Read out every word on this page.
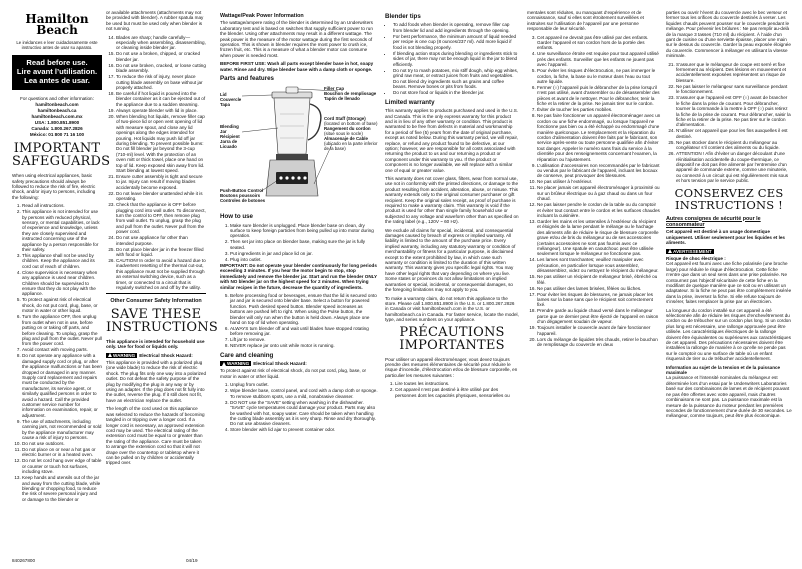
Hamilton
Beach
Le inédances e leer cuidadosamente este instructivo antes de usar su aparato.
Read before use.
Lire avant l’utilisation.
Lea antes de usar.
For questions and other information:
hamiltonbeach.com
hamiltonbeach.ca
hamiltonbeach.com.mx
USA: 1.800.851.8900
Canada: 1.800.267.2826
México: 01 800 71 16 100
IMPORTANT
SAFEGUARDS
When using electrical appliances, basic safety precautions should always be followed to reduce the risk of fire, electric shock, and/or injury to persons, including the following:
1. Read all instructions.
2. This appliance is not intended for use by persons with reduced physical, sensory, or mental capabilities, or lack of experience and knowledge, unless they are closely supervised and instructed concerning use of the appliance by a person responsible for their safety.
3. This appliance shall not be used by children. Keep the appliance and its cord out of reach of children.
4. Close supervision is necessary when any appliance is used near children. Children should be supervised to ensure that they do not play with the appliance.
5. To protect against risk of electrical shock, do not put cord, plug, base, or motor in water or other liquid.
6. Turn the appliance OFF, then unplug from outlet when not in use, before putting on or taking off parts, and before cleaning. To unplug, grasp the plug and pull from the outlet. Never pull from the power cord.
7. Avoid contact with moving parts.
8. Do not operate any appliance with a damaged supply cord or plug, or after the appliance malfunctions or has been dropped or damaged in any manner. Supply cord replacement and repairs must be conducted by the manufacturer, its service agent, or similarly qualified persons in order to avoid a hazard. Call the provided customer service number for information on examination, repair, or adjustment.
9. The use of attachments, including canning jars, not recommended or sold by the appliance manufacturer may cause a risk of injury to persons.
10. Do not use outdoors.
11. Do not place on or near a hot gas or electric burner or in a heated oven.
12. Do not let cord hang over edge of table or counter or touch hot surfaces, including stove.
13. Keep hands and utensils out of the jar and away from the cutting blade, while blending or chopping food, to reduce the risk of severe personal injury and or damage to the blender or
or available attachments (attachments may not be provided with blender). A rubber spatula may be used but must be used only when blender is not running.
14. Blades are sharp; handle carefully—especially when assembling, disassembling, or cleaning inside blender jar.
15. Do not use a broken, chipped, or cracked blender jar.
16. Do not use broken, cracked, or loose cutting blade assembly.
17. To reduce the risk of injury, never place cutting blade assembly on base without jar properly attached.
18. Be careful if hot liquid is poured into the blender container as it can be ejected out of the appliance due to a sudden steaming.
19. Always operate blender with lid in place.
20. When blending hot liquids, remove filler cap of two-piece lid or open vent opening of lid with measure spout, and close any lid openings along the edges intended for pouring. Hot liquids may push lid off jar during blending. To prevent possible burns: Do not fill blender jar beyond the 3-cup (710-ml) level. With the protection of an oven mitt or thick towel, place one hand on top of lid. Keep exposed skin away from lid. Start blending at lowest speed.
21. Ensure cutter assembly is tight and secure to jar. Injury can result if moving blades accidentally become exposed.
22. Do not leave blender unattended while it is operating.
23. Check that the appliance is OFF before plugging cord into wall outlet. To disconnect, turn the control to OFF, then remove plug from wall outlet. To unplug, grasp the plug and pull from the outlet. Never pull from the power cord.
24. Do not use appliance for other than intended purpose.
25. Do not place blender jar in the freezer filled with food or liquid.
26. CAUTION! In order to avoid a hazard due to inadvertent resetting of the thermal cut-out, this appliance must not be supplied through an external switching device, such as a timer, or connected to a circuit that is regularly switched on and off by the utility.
Other Consumer Safety Information
SAVE THESE
INSTRUCTIONS
This appliance is intended for household use only. Use for food or liquids only.
WARNING Electrical Shock Hazard:
This appliance is provided with a polarized plug (one wide blade) to reduce the risk of electric shock. The plug fits only one way into a polarized outlet. Do not defeat the safety purpose of the plug by modifying the plug in any way or by using an adapter. If the plug does not fit fully into the outlet, reverse the plug. If it still does not fit, have an electrician replace the outlet.
The length of the cord used on this appliance was selected to reduce the hazards of becoming tangled in or tripping over a longer cord. If a longer cord is necessary, an approved extension cord may be used. The electrical rating of the extension cord must be equal to or greater than the rating of the appliance. Care must be taken to arrange the extension cord so that it will not drape over the countertop or tabletop where it can be pulled on by children or accidentally tripped over.
Wattage/Peak Power Information
The wattage/ampere rating of the blender is determined by an Underwriters Laboratory test and is based on switches that supply sufficient power to run the blender. Using other attachments may result in a different wattage. The peak power is the measure of the motor wattage during the first seconds of operation. This is shown in blender requires the most power to crush ice, frozen fruit, etc. This is a measure of what a blender motor can consume when power is needed most.
BEFORE FIRST USE: Wash all parts except blender base in hot, soapy water. Rinse and dry. Wipe blender base with a damp cloth or sponge.
Parts and features
Lid
Couvercle
Tapa
Filler Cap
Bouchon de remplissage
Tapón de llenado
Blending
Jar
Récipient
Jarra de
Licuado
Cord Staff (Storage)
(located on bottom of base)
Rangement du cordon
(situé sous le socle)
Almacenaje de Cable
(ubicado en la parte inferior de la base)
Push-Button Control
Boutons poussoirs
Controles de botones
How to use
1. Make sure blender is unplugged. Place blender base on clean, dry surface to keep foreign particles from being pulled up into motor during operation.
2. Then set jar into place on blender base, making sure the jar is fully seated.
3. Put ingredients in jar and place lid on jar.
4. Plug into outlet.
IMPORTANT: Do not operate your blender continuously for long periods exceeding 3 minutes. If you hear the motor begin to stop, stop immediately and remove the blender jar. Start and run the blender ONLY with NO blender jar on the highest speed for 2 minutes. When trying similar recipes in the future, decrease the quantity of ingredients.
5. Before processing food or beverages, ensure that the lid is secured onto jar and jar is secured onto blender base. Select a button for powered function. Push desired speed button. Blender speed increases as buttons are pushed left to right. When using the Pulse button, the blender will only run when the button is held down. Always place one hand on top of lid when operating.
6. ALWAYS turn blender off and wait until blades have stopped rotating before removing jar.
7. Lift jar to remove.
8. NEVER replace jar onto unit while motor is running.
Care and cleaning
WARNING Electrical Shock Hazard:
To protect against risk of electrical shock, do not put cord, plug, base, or motor in water or other liquid.
1. Unplug from outlet.
2. Wipe blender base, control panel, and cord with a damp cloth or sponge. To remove stubborn spots, use a mild, nonabrasive cleanser.
3. DO NOT use the "SAVE" setting when washing in the dishwasher. "SAVE" cycle temperatures could damage your product. Parts may also be washed with hot, soapy water. Care should be taken when handling the cutting blade assembly as it is very sharp. Rinse and dry thoroughly. Do not use abrasive cleaners.
4. Store blender with lid ajar to prevent container odor.
Blender tips
• To add foods when blender is operating, remove filler cap from blender lid and add ingredients through the opening.
• For best performance, the minimum amount of liquid needed per recipe is one cup (8 ounces/237 ml). Add more liquid if food is not blending properly.
• If blending action stops during blending or ingredients stick to sides of jar, there may not be enough liquid in the jar to blend efficiently.
• Do not try to mash potatoes, mix stiff dough, whip egg whites, grind raw meat, or extract juices from fruits and vegetables. Do not blend dry ingredients such as grains and coffee beans. Remove bones or pits from foods.
• Do not store food or liquids in the blender jar.
Limited warranty
This warranty applies to products purchased and used in the U.S. and Canada. This is the only express warranty for this product and is in lieu of any other warranty or condition. This product is warranted to be free from defects in material and workmanship for a period of five (5) years from the date of original purchase, except as noted below. During this warranty period, we will repair, replace, or refund any product found to be defective, at our option; however, we are responsible for all costs associated with returning the product to us and our returning a product or component under this warranty to you. If the product or component is no longer available, we will replace with a similar one of equal or greater value.
This warranty does not cover glass, filters, wear from normal use, use not in conformity with the printed directions, or damage to the product resulting from accident, alteration, abuse, or misuse. This warranty extends only to the original consumer purchaser or gift recipient. Keep the original sales receipt, as proof of purchase is required to make a warranty claim. This warranty is void if the product is used for other than single family household use or subjected to any voltage and waveform other than as specified on the rating label (e.g., 120V ~ 60 Hz).
We exclude all claims for special, incidental, and consequential damages caused by breach of express or implied warranty. All liability is limited to the amount of the purchase price. Every implied warranty, including any statutory warranty or condition of merchantability or fitness for a particular purpose, is disclaimed except to the extent prohibited by law, in which case such warranty or condition is limited to the duration of this written warranty. This warranty gives you specific legal rights. You may have other legal rights that vary depending on where you live. Some states or provinces do not allow limitations on implied warranties or special, incidental, or consequential damages, so the foregoing limitations may not apply to you.
To make a warranty claim, do not return this appliance to the store. Please call 1.800.851.8900 in the U.S. or 1.800.267.2826 in Canada or visit hamiltonbeach.com in the U.S. or hamiltonbeach.ca in Canada. For faster service, locate the model, type, and series numbers on your appliance.
PRÉCAUTIONS
IMPORTANTES
Pour utiliser un appareil électroménager, vous devez toujours prendre des mesures élémentaires de sécurité pour réduire le risque d’incendie, d’électrocution et/ou de blessure corporelle, en particulier les mesures suivantes :
1. Lire toutes les instructions.
2. Cet appareil n’est pas destiné à être utilisé par des personnes dont les capacités physiques, sensorielles ou
mentales sont réduites, ou manquant d’expérience et de connaissance, sauf si elles sont étroitement surveillées et instruites sur l’utilisation de l’appareil par une personne responsable de leur sécurité.
3. Cet appareil ne devrait pas être utilisé par des enfants. Garder l’appareil et son cordon hors de la portée des enfants.
4. Une surveillance étroite est requise pour tout appareil utilisé près des enfants. Surveiller que les enfants ne jouent pas avec l’appareil.
5. Pour éviter les risques d’électrocution, ne pas immerger le cordon, la fiche, la base ou le moteur dans l’eau ou tout autre liquide.
6. Fermer (○) l’appareil puis le débrancher de la prise lorsqu’il n’est pas utilisé, avant d’assembler ou de désassembler des pièces et avant de le nettoyer. Pour le débrancher, tenir la fiche et la retirer de la prise. Ne jamais tirer sur le cordon.
7. Éviter de toucher les parties mobiles.
8. Ne pas faire fonctionner un appareil électroménager avec un cordon ou une fiche endommagé, ou lorsque l’appareil ne fonctionne pas bien ou a été échappé ou endommagé d’une manière quelconque. Le remplacement et la réparation du cordon d’alimentation doivent être faits par le fabricant, son service après-vente ou toute personne qualifiée afin d’éviter tout danger. Appeler le numéro sans frais du service à la clientèle pour des renseignements concernant l’examen, la réparation ou l’ajustement.
9. L’utilisation d’accessoires non recommandés par le fabricant ou vendus par le fabricant de l’appareil, incluant les bocaux de conserve, peut provoquer des blessures.
10. Ne pas utiliser à l’extérieur.
11. Ne placer jamais cet appareil électroménager à proximité ou sur un brûleur électrique ou à gaz chaud ou dans un four chaud.
12. Ne pas laisser pendre le cordon de la table ou du comptoir et éviter tout contact entre le cordon et les surfaces chaudes incluant la cuisinière.
13. Garder les mains et les ustensiles à l’extérieur du récipient et éloignés de la lame pendant le mélange ou le hachage des aliments afin de réduire le risque de blessure corporelle grave et/ou de bris du mélangeur ou de ses accessoires (certains accessoires ne sont pas fournis avec ce mélangeur). Une spatule en caoutchouc peut être utilisée seulement lorsque le mélangeur ne fonctionne pas.
14. Les lames sont tranchantes; veuillez manipuler avec précaution, en particulier lorsque vous assemblez, désassemblez, videz ou nettoyez le récipient du mélangeur.
15. Ne pas utiliser un récipient de mélangeur brisé, ébréché ou fêlé.
16. Ne pas utiliser des lames brisées, fêlées ou lâches.
17. Pour éviter les risques de blessures, ne jamais placer les lames sur la base sans que le récipient soit correctement fixé.
18. Prendre garde au liquide chaud versé dans le mélangeur parce que ce dernier peut être éjecté de l’appareil en raison d’un dégagement soudain de vapeur.
19. Toujours installer le couvercle avant de faire fonctionner l’appareil.
20. Lors du mélange de liquides très chauds, retirer le bouchon de remplissage du couvercle en deux
parties ou ouvrir l’évent du couvercle avec le bec verseur et fermer tous les orifices du couvercle destinés à verser. Les liquides chauds peuvent pousser sur le couvercle pendant le mélange. Pour prévenir les brûlures : Ne pas remplir au-delà de la marque 3 tasses (710 ml) du récipient. À l’aide d’un gant de cuisine ou d’une serviette épaisse, placer une main sur le dessus du couvercle. Garder la peau exposée éloignée du couvercle. Commencer à mélanger en utilisant la vitesse minimale.
21. S’assurer que le mélangeur de coupe est serré et fixe fermement au récipient. Des lésions en mouvement et accidentellement exposées représentent un risque de blessure.
22. Ne pas laisser le mélangeur sans surveillance pendant le fonctionnement.
23. S’assurer que l’appareil est OFF (○) avant de brancher le fiche dans la prise de courant. Pour débrancher, tourner la commande à la mettre à OFF (○) puis retirez la fiche de la prise de courant. Pour débrancher, saisir la fiche et la retirer de la prise. Ne pas tirer sur le cordon d’alimentation.
24. N’utiliser cet appareil que pour les fins auxquelles il est destiné.
25. Ne pas stocker dans le récipient du mélangeur au congélateur s’il contient des aliments ou du liquide.
26. ATTENTION ! Afin d’éviter un danger découlant d’une réinitialisation accidentelle du coupe-thermique, ce dispositif ne doit pas être alimenté par l’entremise d’un appareil de commande externe, comme une minuterie, ou connecté à un circuit qui est régulièrement mis sous et hors tension par le service public.
CONSERVEZ CES
INSTRUCTIONS !
Autres consignes de sécurité pour le consommateur
Cet appareil est destiné à un usage domestique uniquement. Utiliser seulement pour les liquides et les aliments.
AVERTISSEMENT
Risque de choc électrique :
Cet appareil est fourni avec une fiche polarisée (une broche large) pour réduire le risque d’électrocution. Cette fiche n’entre que dans un seul sens dans une prise polarisée. Ne contournez pas l’objectif sécuritaire de cette fiche en la modifiant de quelque manière que ce soit ou en utilisant un adaptateur. Si la fiche ne peut pas être complètement insérée dans la prise, inversez la fiche. Si elle refuse toujours de s’insérer, faites remplacer la prise par un électricien.
La longueur du cordon installé sur cet appareil a été sélectionnée afin de réduire les risques d’enchevêtrement du cordon ou de trébucher sur un cordon plus long. Si un cordon plus long est nécessaire, une rallonge approuvée peut être utilisée. Les caractéristiques électriques de la rallonge doivent être équivalentes ou supérieures aux caractéristiques de cet appareil. Des précautions nécessaires doivent être installées la rallonge de manière à ce qu’elle ne pende pas sur le comptoir ou une surface de table où un enfant risquerait de tirer ou de trébucher accidentellement.
Information au sujet de la tension et de la puissance maximale
La puissance et l’intensité nominales du mélangeur est déterminée lors d’un essai par le Underwriters Laboratories basé sur des combinaisons de lames et de récipient pouvant ne pas être offertes avec votre appareil, mais d’autres combinaisons ne sont pas. La puissance maximale est la mesure de la puissance du moteur pendant les premières secondes de fonctionnement d’une durée de 30 secondes. Le mélangeur, comme toujours, peut être plus économique.
840267800	04/19
